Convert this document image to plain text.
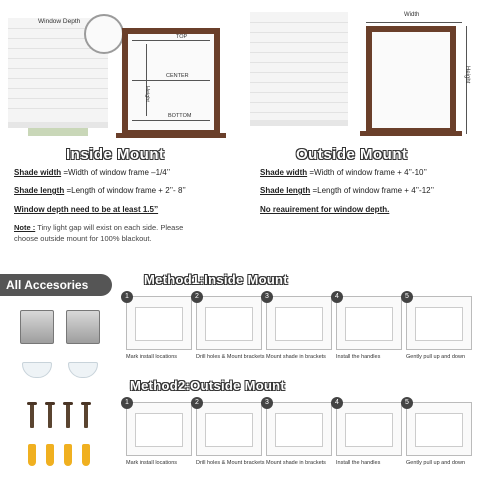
Window Depth
TOP
CENTER
BOTTOM
Height
Width
Height
Inside Mount	Outside Mount
Shade width =Width of window frame –1/4’’
Shade length =Length of window frame + 2’’- 8’’
Window depth need to be at least 1.5’’
Note : Tiny light gap will exist on each side. Please choose outside mount for 100% blackout.
Shade width =Width of window frame + 4’’-10’’
Shade length =Length of window frame + 4’’-12’’
No reauirement for window depth.
All Accesories	Method1:Inside Mount
1
Mark install locations
2
Drill holes & Mount brackets
3
Mount shade in brackets
4
Install the handles
5
Gently pull up and down
Method2:Outside Mount
1
Mark install locations
2
Drill holes & Mount brackets
3
Mount shade in brackets
4
Install the handles
5
Gently pull up and down
